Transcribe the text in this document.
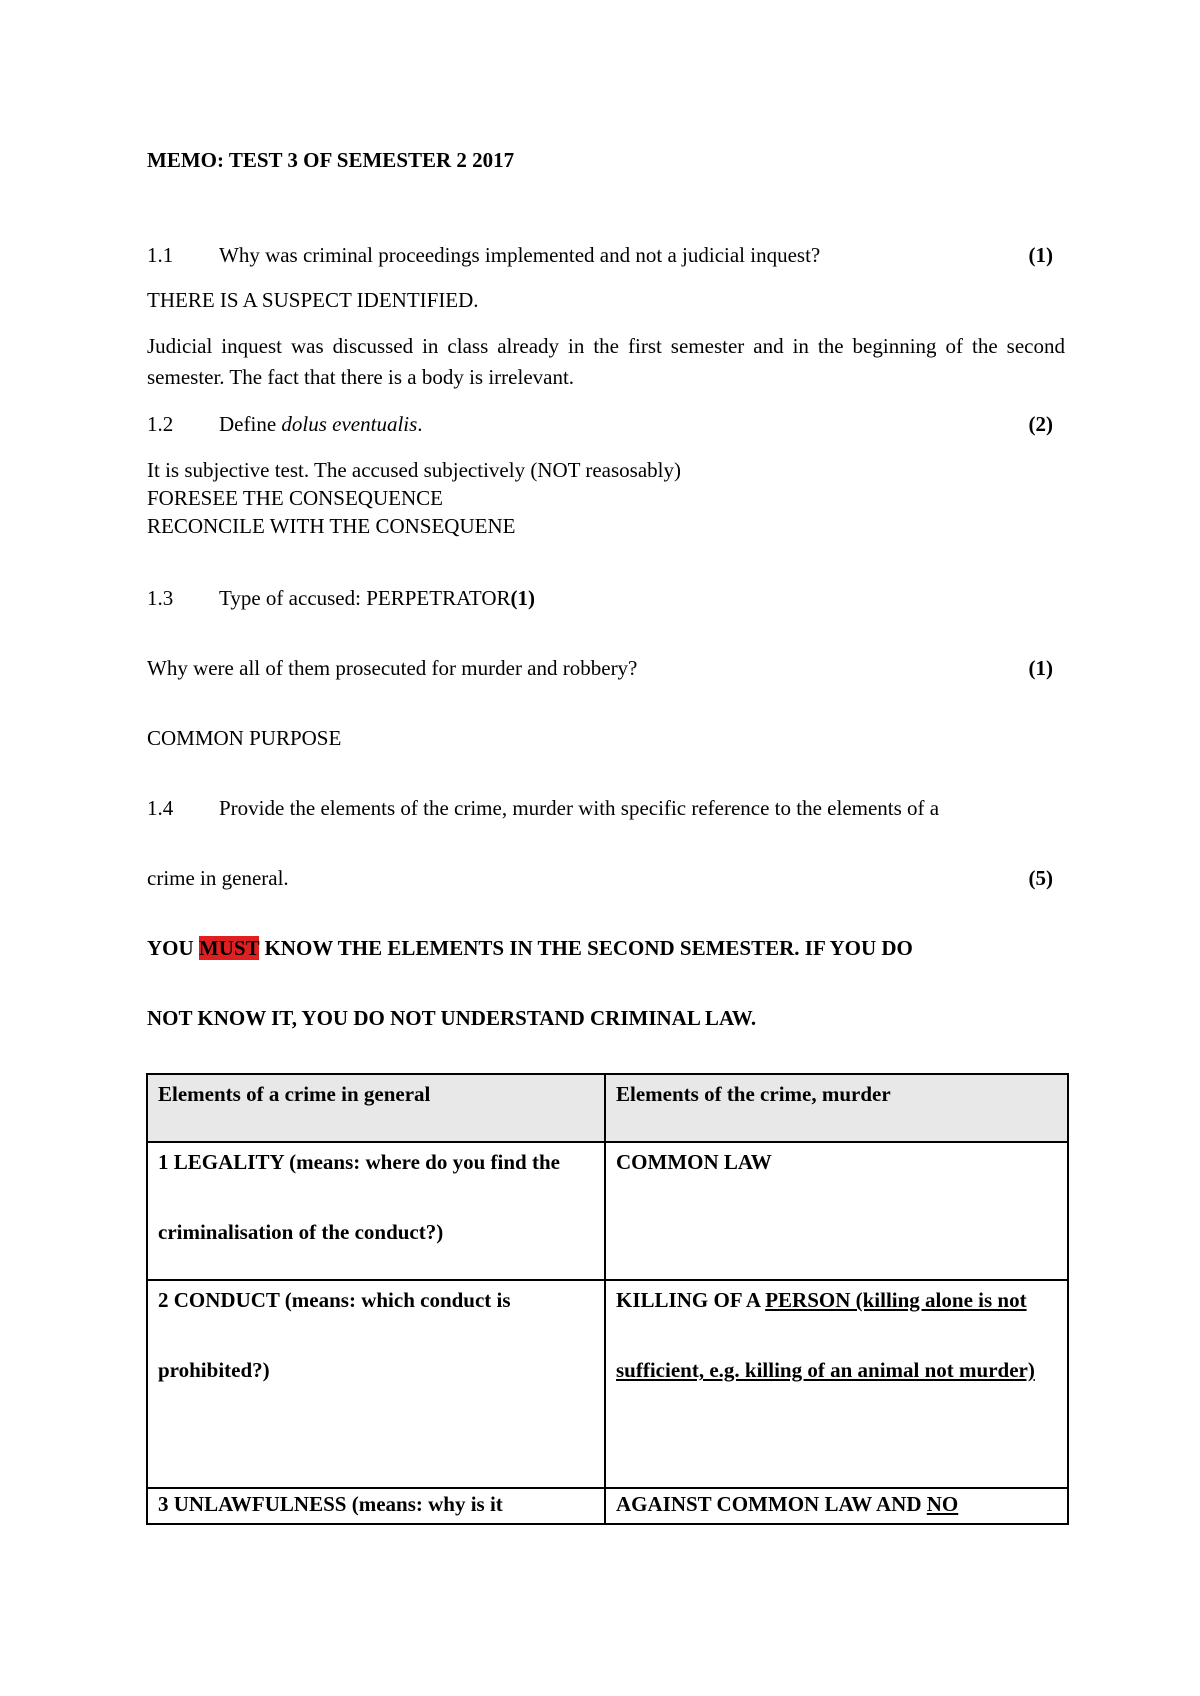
MEMO: TEST 3 OF SEMESTER 2 2017
1.1 Why was criminal proceedings implemented and not a judicial inquest?	(1)
THERE IS A SUSPECT IDENTIFIED.
Judicial inquest was discussed in class already in the first semester and in the beginning of the second semester. The fact that there is a body is irrelevant.
1.2 Define dolus eventualis.	(2)
It is subjective test. The accused subjectively (NOT reasosably)
FORESEE THE CONSEQUENCE
RECONCILE WITH THE CONSEQUENE
1.3 Type of accused: PERPETRATOR(1)
Why were all of them prosecuted for murder and robbery?	(1)
COMMON PURPOSE
1.4 Provide the elements of the crime, murder with specific reference to the elements of a
crime in general.	(5)
YOU MUST KNOW THE ELEMENTS IN THE SECOND SEMESTER. IF YOU DO
NOT KNOW IT, YOU DO NOT UNDERSTAND CRIMINAL LAW.
Elements of a crime in general	Elements of the crime, murder

1 LEGALITY (means: where do you find the criminalisation of the conduct?)	COMMON LAW

2 CONDUCT (means: which conduct is prohibited?)	KILLING OF A PERSON (killing alone is not sufficient, e.g. killing of an animal not murder)

3 UNLAWFULNESS (means: why is it	AGAINST COMMON LAW AND NO
